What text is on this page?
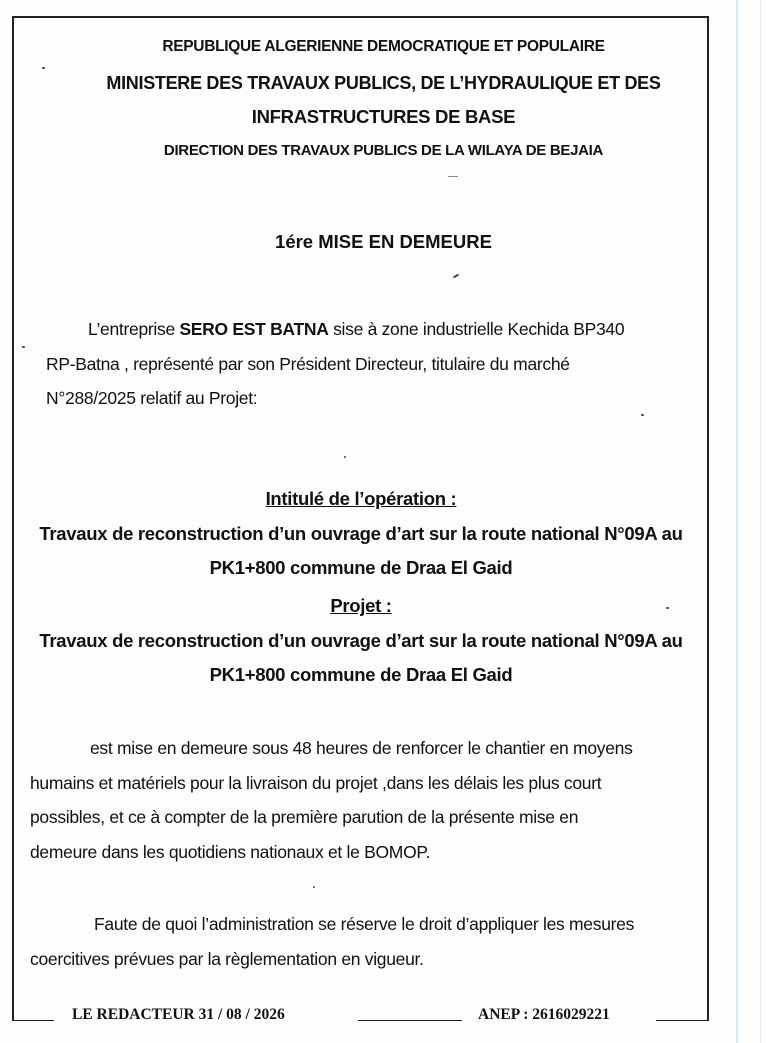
REPUBLIQUE ALGERIENNE DEMOCRATIQUE ET POPULAIRE
MINISTERE DES TRAVAUX PUBLICS, DE L’HYDRAULIQUE ET DES
INFRASTRUCTURES DE BASE
DIRECTION DES TRAVAUX PUBLICS DE LA WILAYA DE BEJAIA
1ére MISE EN DEMEURE
L’entreprise SERO EST BATNA sise à zone industrielle Kechida BP340
RP-Batna , représenté par son Président Directeur, titulaire du marché
N°288/2025 relatif au Projet:
Intitulé de l’opération :
Travaux de reconstruction d’un ouvrage d’art sur la route national N°09A au
PK1+800 commune de Draa El Gaid
Projet :
Travaux de reconstruction d’un ouvrage d’art sur la route national N°09A au
PK1+800 commune de Draa El Gaid
est mise en demeure sous 48 heures de renforcer le chantier en moyens
humains et matériels pour la livraison du projet ,dans les délais les plus court
possibles, et ce à compter de la première parution de la présente mise en
demeure dans les quotidiens nationaux et le BOMOP.
Faute de quoi l’administration se réserve le droit d’appliquer les mesures
coercitives prévues par la règlementation en vigueur.
LE REDACTEUR 31 / 08 / 2026	ANEP : 2616029221
